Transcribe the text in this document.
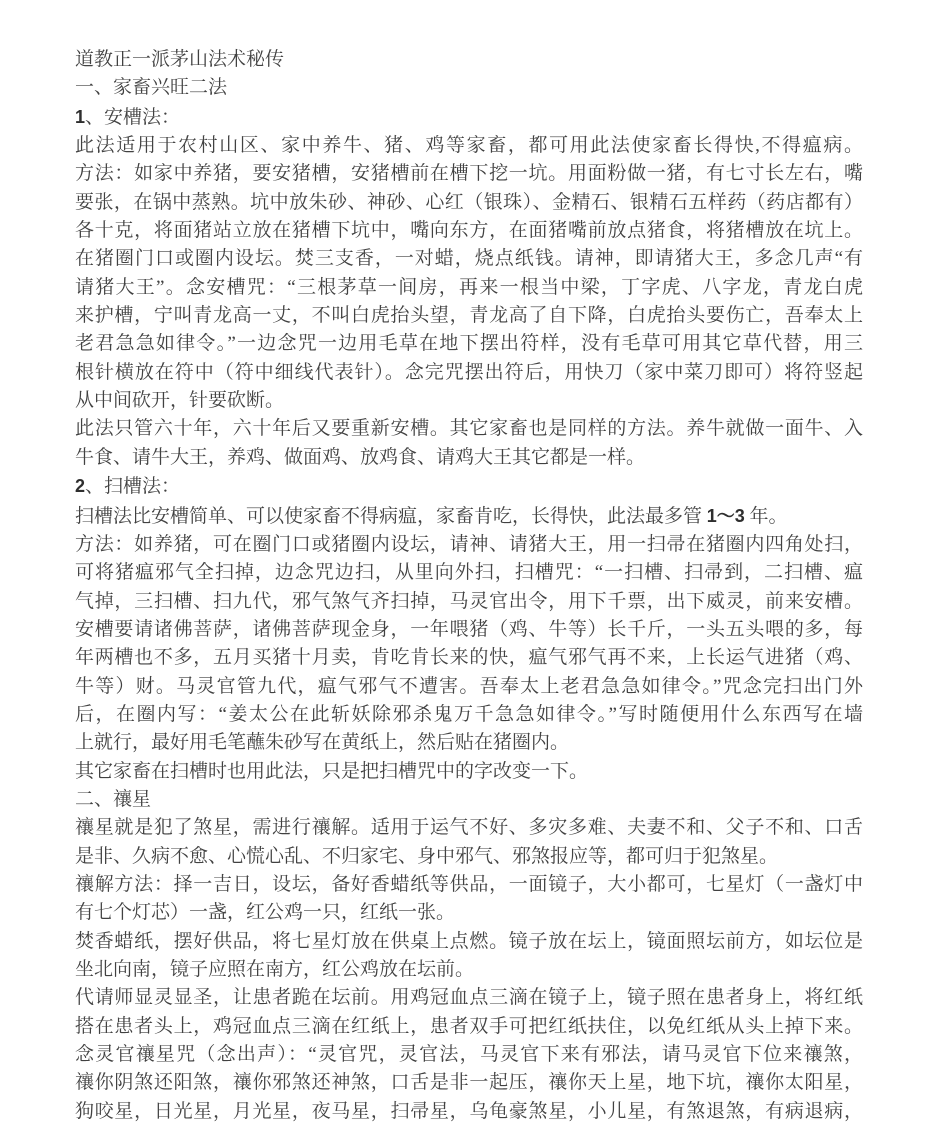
道教正一派茅山法术秘传
一、家畜兴旺二法
1、安槽法：
此法适用于农村山区、家中养牛、猪、鸡等家畜，都可用此法使家畜长得快,不得瘟病。
方法：如家中养猪，要安猪槽，安猪槽前在槽下挖一坑。用面粉做一猪，有七寸长左右，嘴
要张，在锅中蒸熟。坑中放朱砂、神砂、心红（银珠）、金精石、银精石五样药（药店都有）
各十克，将面猪站立放在猪槽下坑中，嘴向东方，在面猪嘴前放点猪食，将猪槽放在坑上。
在猪圈门口或圈内设坛。焚三支香，一对蜡，烧点纸钱。请神，即请猪大王，多念几声“有
请猪大王”。念安槽咒：“三根茅草一间房，再来一根当中梁，丁字虎、八字龙，青龙白虎
来护槽，宁叫青龙高一丈，不叫白虎抬头望，青龙高了自下降，白虎抬头要伤亡，吾奉太上
老君急急如律令。”一边念咒一边用毛草在地下摆出符样，没有毛草可用其它草代替，用三
根针横放在符中（符中细线代表针）。念完咒摆出符后，用快刀（家中菜刀即可）将符竖起
从中间砍开，针要砍断。
此法只管六十年，六十年后又要重新安槽。其它家畜也是同样的方法。养牛就做一面牛、入
牛食、请牛大王，养鸡、做面鸡、放鸡食、请鸡大王其它都是一样。
2、扫槽法：
扫槽法比安槽简单、可以使家畜不得病瘟，家畜肯吃，长得快，此法最多管 1～3 年。
方法：如养猪，可在圈门口或猪圈内设坛，请神、请猪大王，用一扫帚在猪圈内四角处扫，
可将猪瘟邪气全扫掉，边念咒边扫，从里向外扫，扫槽咒：“一扫槽、扫帚到，二扫槽、瘟
气掉，三扫槽、扫九代，邪气煞气齐扫掉，马灵官出令，用下千票，出下威灵，前来安槽。
安槽要请诸佛菩萨，诸佛菩萨现金身，一年喂猪（鸡、牛等）长千斤，一头五头喂的多，每
年两槽也不多，五月买猪十月卖，肯吃肯长来的快，瘟气邪气再不来，上长运气进猪（鸡、
牛等）财。马灵官管九代，瘟气邪气不遭害。吾奉太上老君急急如律令。”咒念完扫出门外
后，在圈内写：“姜太公在此斩妖除邪杀鬼万千急急如律令。”写时随便用什么东西写在墙
上就行，最好用毛笔蘸朱砂写在黄纸上，然后贴在猪圈内。
其它家畜在扫槽时也用此法，只是把扫槽咒中的字改变一下。
二、禳星
禳星就是犯了煞星，需进行禳解。适用于运气不好、多灾多难、夫妻不和、父子不和、口舌
是非、久病不愈、心慌心乱、不归家宅、身中邪气、邪煞报应等，都可归于犯煞星。
禳解方法：择一吉日，设坛，备好香蜡纸等供品，一面镜子，大小都可，七星灯（一盏灯中
有七个灯芯）一盏，红公鸡一只，红纸一张。
焚香蜡纸，摆好供品，将七星灯放在供桌上点燃。镜子放在坛上，镜面照坛前方，如坛位是
坐北向南，镜子应照在南方，红公鸡放在坛前。
代请师显灵显圣，让患者跪在坛前。用鸡冠血点三滴在镜子上，镜子照在患者身上，将红纸
搭在患者头上，鸡冠血点三滴在红纸上，患者双手可把红纸扶住，以免红纸从头上掉下来。
念灵官禳星咒（念出声）：“灵官咒，灵官法，马灵官下来有邪法，请马灵官下位来禳煞，
禳你阴煞还阳煞，禳你邪煞还神煞，口舌是非一起压，禳你天上星，地下坑，禳你太阳星，
狗咬星，日光星，月光星，夜马星，扫帚星，乌龟豪煞星，小儿星，有煞退煞，有病退病，
